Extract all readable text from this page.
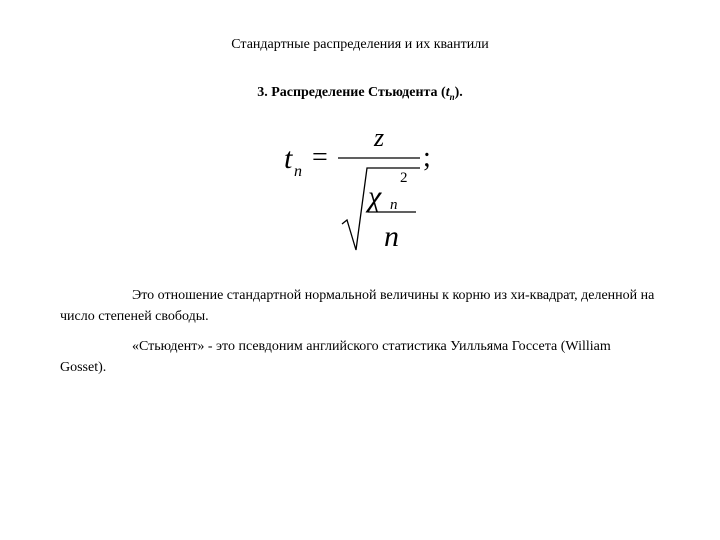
Стандартные распределения и их квантили
3. Распределение Стьюдента $(t_n)$.
t n =
z
χ
2
n
n
;

Это отношение стандартной нормальной величины к корню из хи-квадрат, деленной на число степеней свободы.

«Стьюдент» - это псевдоним английского статистика Уилльяма Госсета (William Gosset).
